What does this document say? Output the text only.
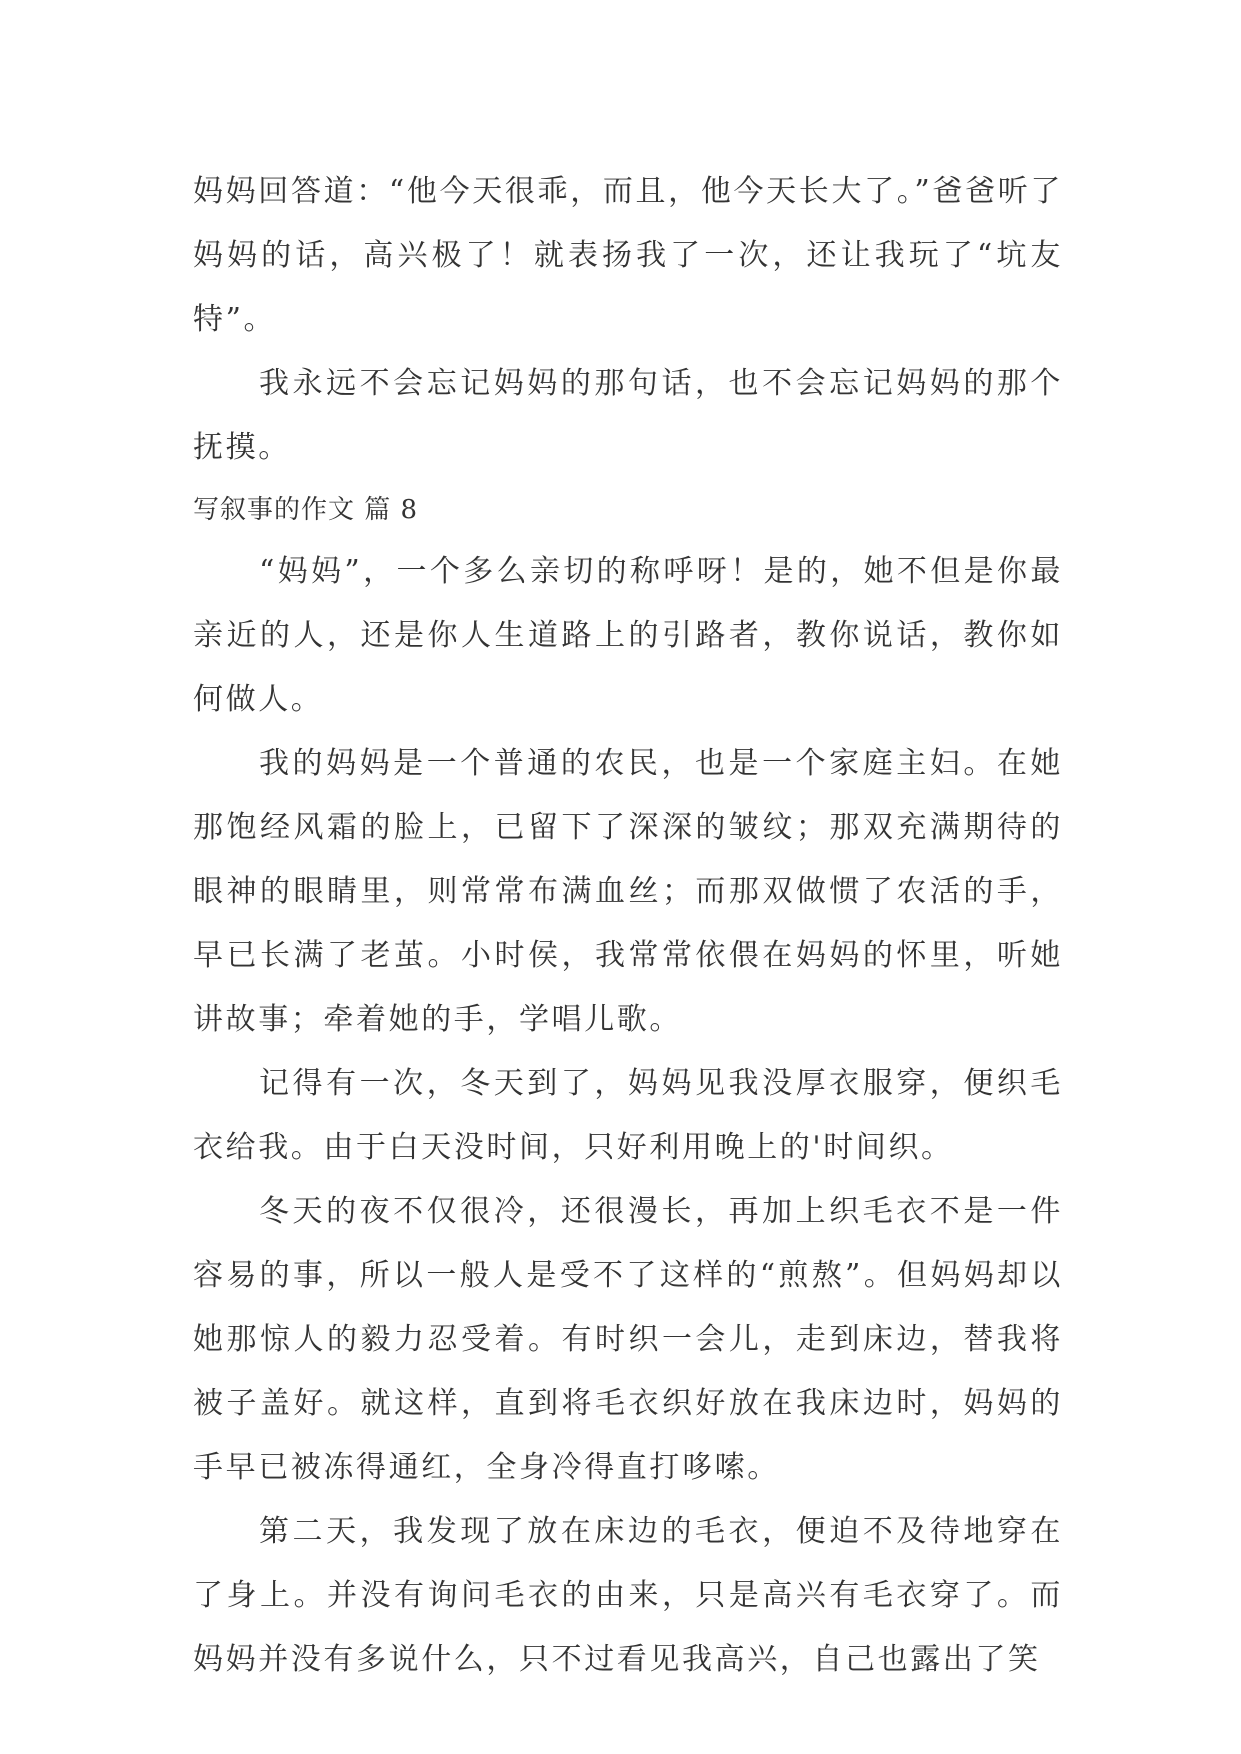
妈妈回答道：“他今天很乖，而且，他今天长大了。”爸爸听了妈妈的话，高兴极了！就表扬我了一次，还让我玩了“坑友特”。

我永远不会忘记妈妈的那句话，也不会忘记妈妈的那个抚摸。

写叙事的作文 篇 8

“妈妈”，一个多么亲切的称呼呀！是的，她不但是你最亲近的人，还是你人生道路上的引路者，教你说话，教你如何做人。

我的妈妈是一个普通的农民，也是一个家庭主妇。在她那饱经风霜的脸上，已留下了深深的皱纹；那双充满期待的眼神的眼睛里，则常常布满血丝；而那双做惯了农活的手，早已长满了老茧。小时侯，我常常依偎在妈妈的怀里，听她讲故事；牵着她的手，学唱儿歌。

记得有一次，冬天到了，妈妈见我没厚衣服穿，便织毛衣给我。由于白天没时间，只好利用晚上的'时间织。

冬天的夜不仅很冷，还很漫长，再加上织毛衣不是一件容易的事，所以一般人是受不了这样的“煎熬”。但妈妈却以她那惊人的毅力忍受着。有时织一会儿，走到床边，替我将被子盖好。就这样，直到将毛衣织好放在我床边时，妈妈的手早已被冻得通红，全身冷得直打哆嗦。

第二天，我发现了放在床边的毛衣，便迫不及待地穿在了身上。并没有询问毛衣的由来，只是高兴有毛衣穿了。而妈妈并没有多说什么，只不过看见我高兴，自己也露出了笑
